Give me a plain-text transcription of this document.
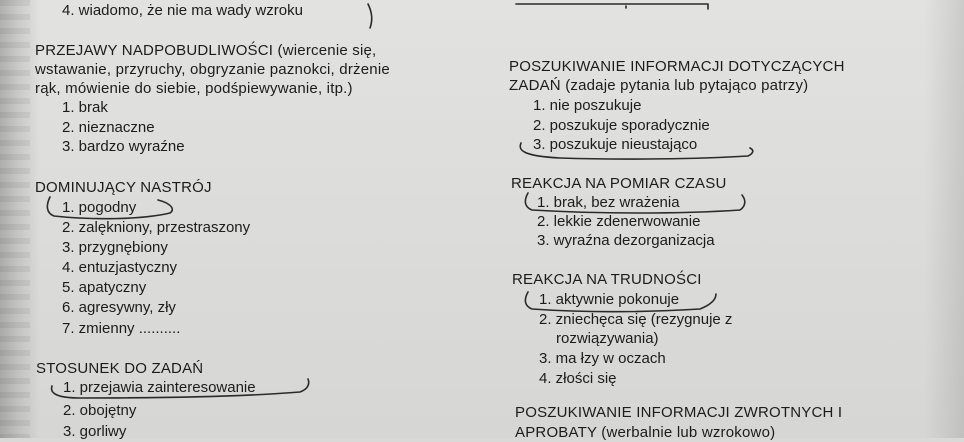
4. wiadomo, że nie ma wady wzroku

PRZEJAWY NADPOBUDLIWOŚCI (wiercenie się,

wstawanie, przyruchy, obgryzanie paznokci, drżenie

rąk, mówienie do siebie, podśpiewywanie, itp.)

1. brak

2. nieznaczne

3. bardzo wyraźne

DOMINUJĄCY NASTRÓJ

1. pogodny

2. zalękniony, przestraszony

3. przygnębiony

4. entuzjastyczny

5. apatyczny

6. agresywny, zły

7. zmienny ..........

STOSUNEK DO ZADAŃ

1. przejawia zainteresowanie

2. obojętny

3. gorliwy

POSZUKIWANIE INFORMACJI DOTYCZĄCYCH

ZADAŃ (zadaje pytania lub pytająco patrzy)

1. nie poszukuje

2. poszukuje sporadycznie

3. poszukuje nieustająco

REAKCJA NA POMIAR CZASU

1. brak, bez wrażenia

2. lekkie zdenerwowanie

3. wyraźna dezorganizacja

REAKCJA NA TRUDNOŚCI

1. aktywnie pokonuje

2. zniechęca się (rezygnuje z

rozwiązywania)

3. ma łzy w oczach

4. złości się

POSZUKIWANIE INFORMACJI ZWROTNYCH I

APROBATY (werbalnie lub wzrokowo)
